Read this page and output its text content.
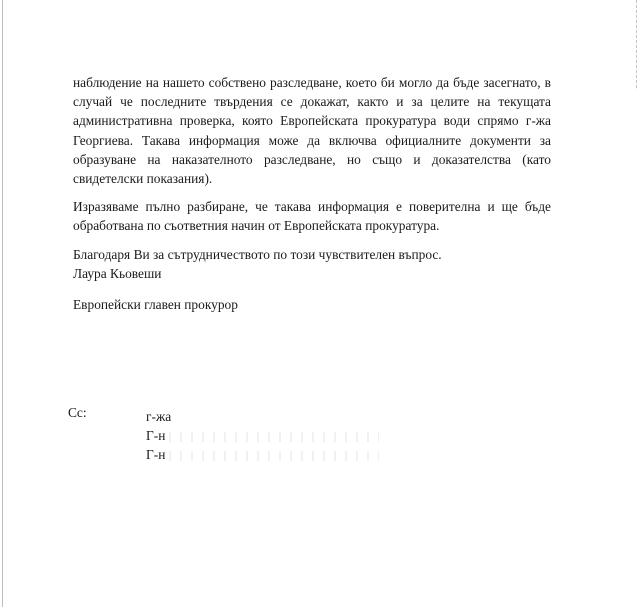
наблюдение на нашето собствено разследване, което би могло да бъде засегнато, в случай че последните твърдения се докажат, както и за целите на текущата административна проверка, която Европейската прокуратура води спрямо г-жа Георгиева. Такава информация може да включва официалните документи за образуване на наказателното разследване, но също и доказателства (като свидетелски показания).

Изразяваме пълно разбиране, че такава информация е поверителна и ще бъде обработвана по съответния начин от Европейската прокуратура.

Благодаря Ви за сътрудничеството по този чувствителен въпрос.

Лаура Кьовеши

Европейски главен прокурор

Cc:	г-жа
Г-н
Г-н
